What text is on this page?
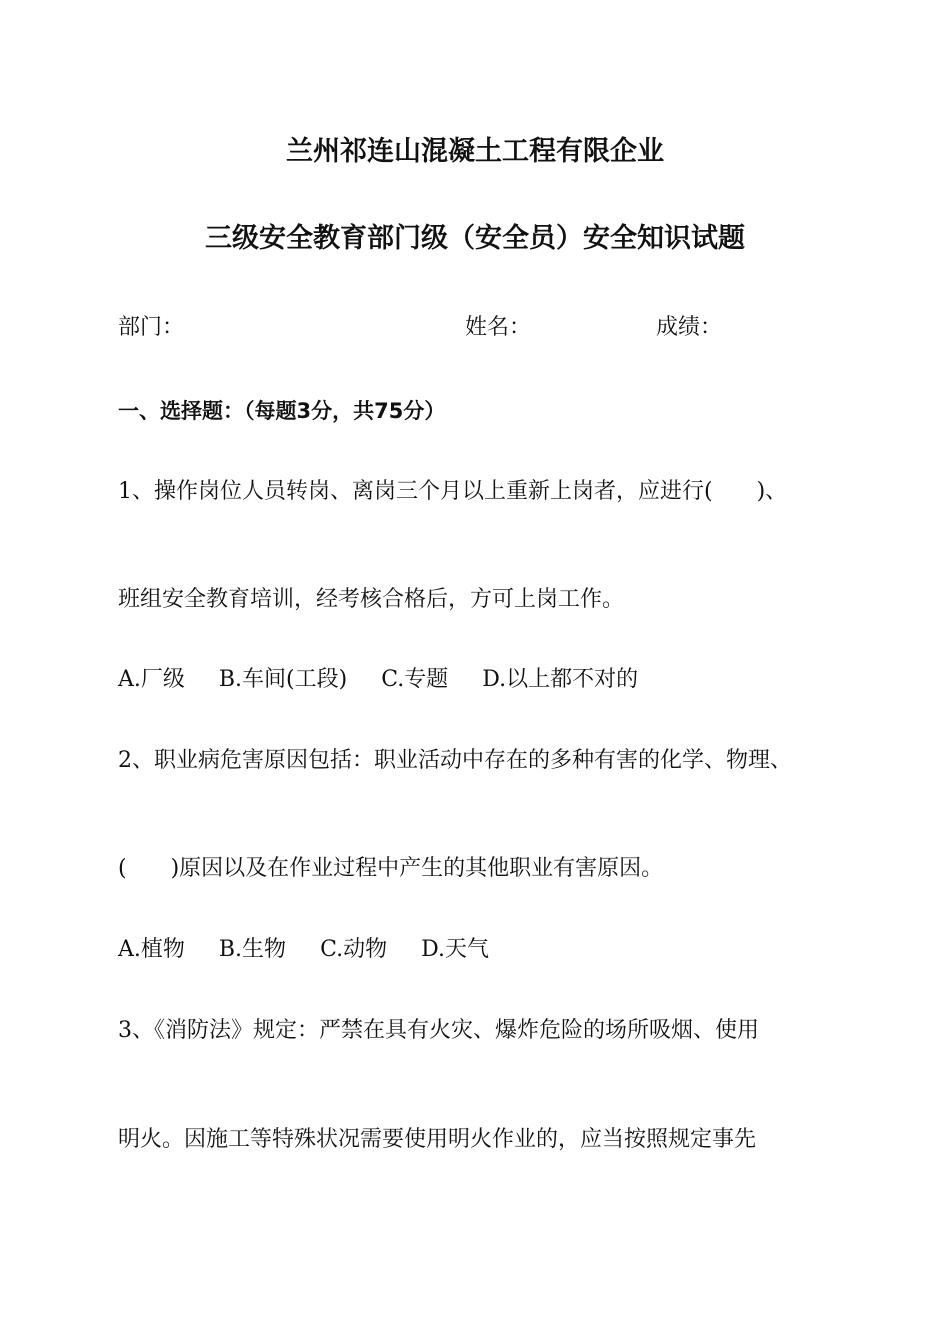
兰州祁连山混凝土工程有限企业
三级安全教育部门级（安全员）安全知识试题
部门：	姓名：	成绩：
一、选择题：（每题3分，共75分）
1、操作岗位人员转岗、离岗三个月以上重新上岗者，应进行(　　)、
班组安全教育培训，经考核合格后，方可上岗工作。
A.厂级 B.车间(工段) C.专题 D.以上都不对的
2、职业病危害原因包括：职业活动中存在的多种有害的化学、物理、
(　　)原因以及在作业过程中产生的其他职业有害原因。
A.植物 B.生物 C.动物 D.天气
3、《消防法》规定：严禁在具有火灾、爆炸危险的场所吸烟、使用
明火。因施工等特殊状况需要使用明火作业的，应当按照规定事先
